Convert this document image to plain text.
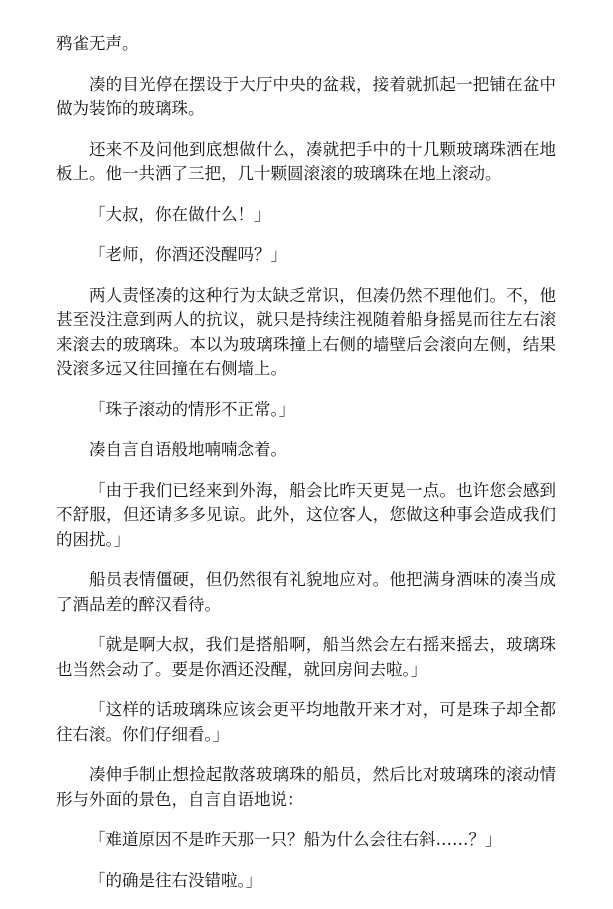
鸦雀无声。

凑的目光停在摆设于大厅中央的盆栽，接着就抓起一把铺在盆中做为装饰的玻璃珠。

还来不及问他到底想做什么，凑就把手中的十几颗玻璃珠洒在地板上。他一共洒了三把，几十颗圆滚滚的玻璃珠在地上滚动。

「大叔，你在做什么！」

「老师，你酒还没醒吗？」

两人责怪凑的这种行为太缺乏常识，但凑仍然不理他们。不，他甚至没注意到两人的抗议，就只是持续注视随着船身摇晃而往左右滚来滚去的玻璃珠。本以为玻璃珠撞上右侧的墙壁后会滚向左侧，结果没滚多远又往回撞在右侧墙上。

「珠子滚动的情形不正常。」

凑自言自语般地喃喃念着。

「由于我们已经来到外海，船会比昨天更晃一点。也许您会感到不舒服，但还请多多见谅。此外，这位客人，您做这种事会造成我们的困扰。」

船员表情僵硬，但仍然很有礼貌地应对。他把满身酒味的凑当成了酒品差的醉汉看待。

「就是啊大叔，我们是搭船啊，船当然会左右摇来摇去，玻璃珠也当然会动了。要是你酒还没醒，就回房间去啦。」

「这样的话玻璃珠应该会更平均地散开来才对，可是珠子却全都往右滚。你们仔细看。」

凑伸手制止想捡起散落玻璃珠的船员，然后比对玻璃珠的滚动情形与外面的景色，自言自语地说：

「难道原因不是昨天那一只？船为什么会往右斜……？」

「的确是往右没错啦。」
